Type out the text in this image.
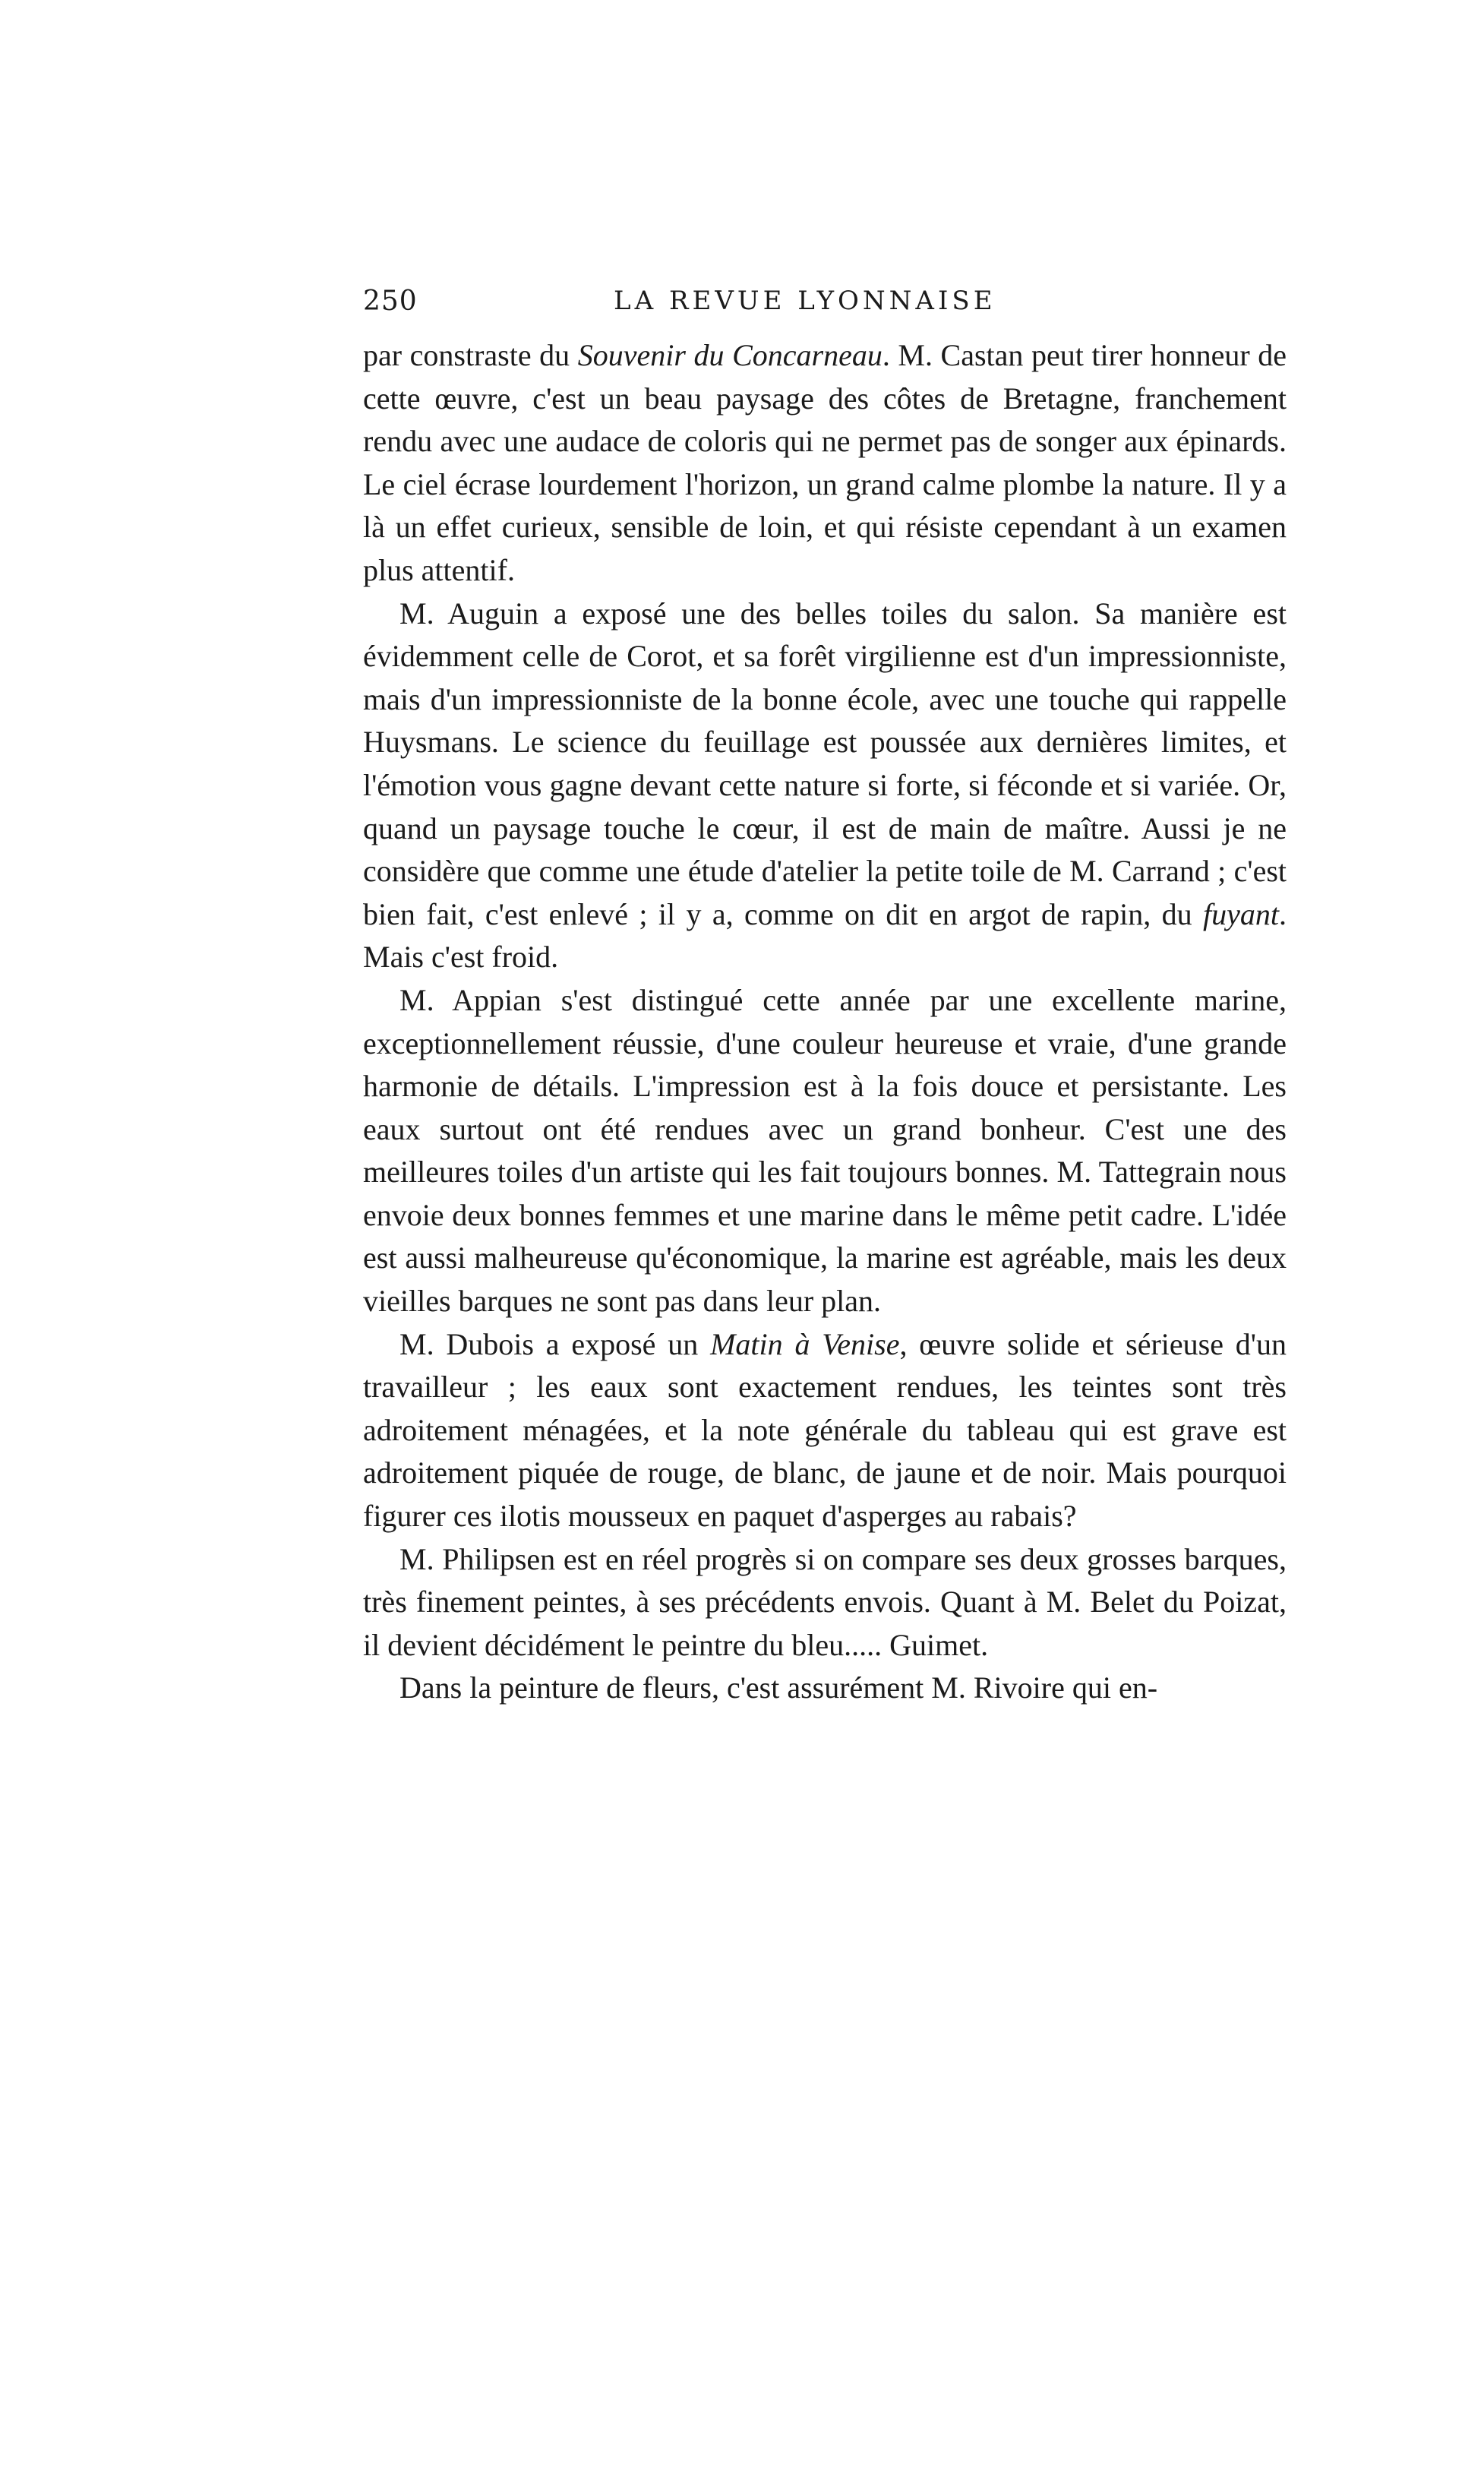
250	LA REVUE LYONNAISE

par constraste du Souvenir du Concarneau. M. Castan peut tirer honneur de cette œuvre, c'est un beau paysage des côtes de Bretagne, franchement rendu avec une audace de coloris qui ne permet pas de songer aux épinards. Le ciel écrase lourdement l'horizon, un grand calme plombe la nature. Il y a là un effet curieux, sensible de loin, et qui résiste cependant à un examen plus attentif.

M. Auguin a exposé une des belles toiles du salon. Sa manière est évidemment celle de Corot, et sa forêt virgilienne est d'un impressionniste, mais d'un impressionniste de la bonne école, avec une touche qui rappelle Huysmans. Le science du feuillage est poussée aux dernières limites, et l'émotion vous gagne devant cette nature si forte, si féconde et si variée. Or, quand un paysage touche le cœur, il est de main de maître. Aussi je ne considère que comme une étude d'atelier la petite toile de M. Carrand ; c'est bien fait, c'est enlevé ; il y a, comme on dit en argot de rapin, du fuyant. Mais c'est froid.

M. Appian s'est distingué cette année par une excellente marine, exceptionnellement réussie, d'une couleur heureuse et vraie, d'une grande harmonie de détails. L'impression est à la fois douce et persistante. Les eaux surtout ont été rendues avec un grand bonheur. C'est une des meilleures toiles d'un artiste qui les fait toujours bonnes. M. Tattegrain nous envoie deux bonnes femmes et une marine dans le même petit cadre. L'idée est aussi malheureuse qu'économique, la marine est agréable, mais les deux vieilles barques ne sont pas dans leur plan.

M. Dubois a exposé un Matin à Venise, œuvre solide et sérieuse d'un travailleur ; les eaux sont exactement rendues, les teintes sont très adroitement ménagées, et la note générale du tableau qui est grave est adroitement piquée de rouge, de blanc, de jaune et de noir. Mais pourquoi figurer ces ilotis mousseux en paquet d'asperges au rabais?

M. Philipsen est en réel progrès si on compare ses deux grosses barques, très finement peintes, à ses précédents envois. Quant à M. Belet du Poizat, il devient décidément le peintre du bleu..... Guimet.

Dans la peinture de fleurs, c'est assurément M. Rivoire qui en-
